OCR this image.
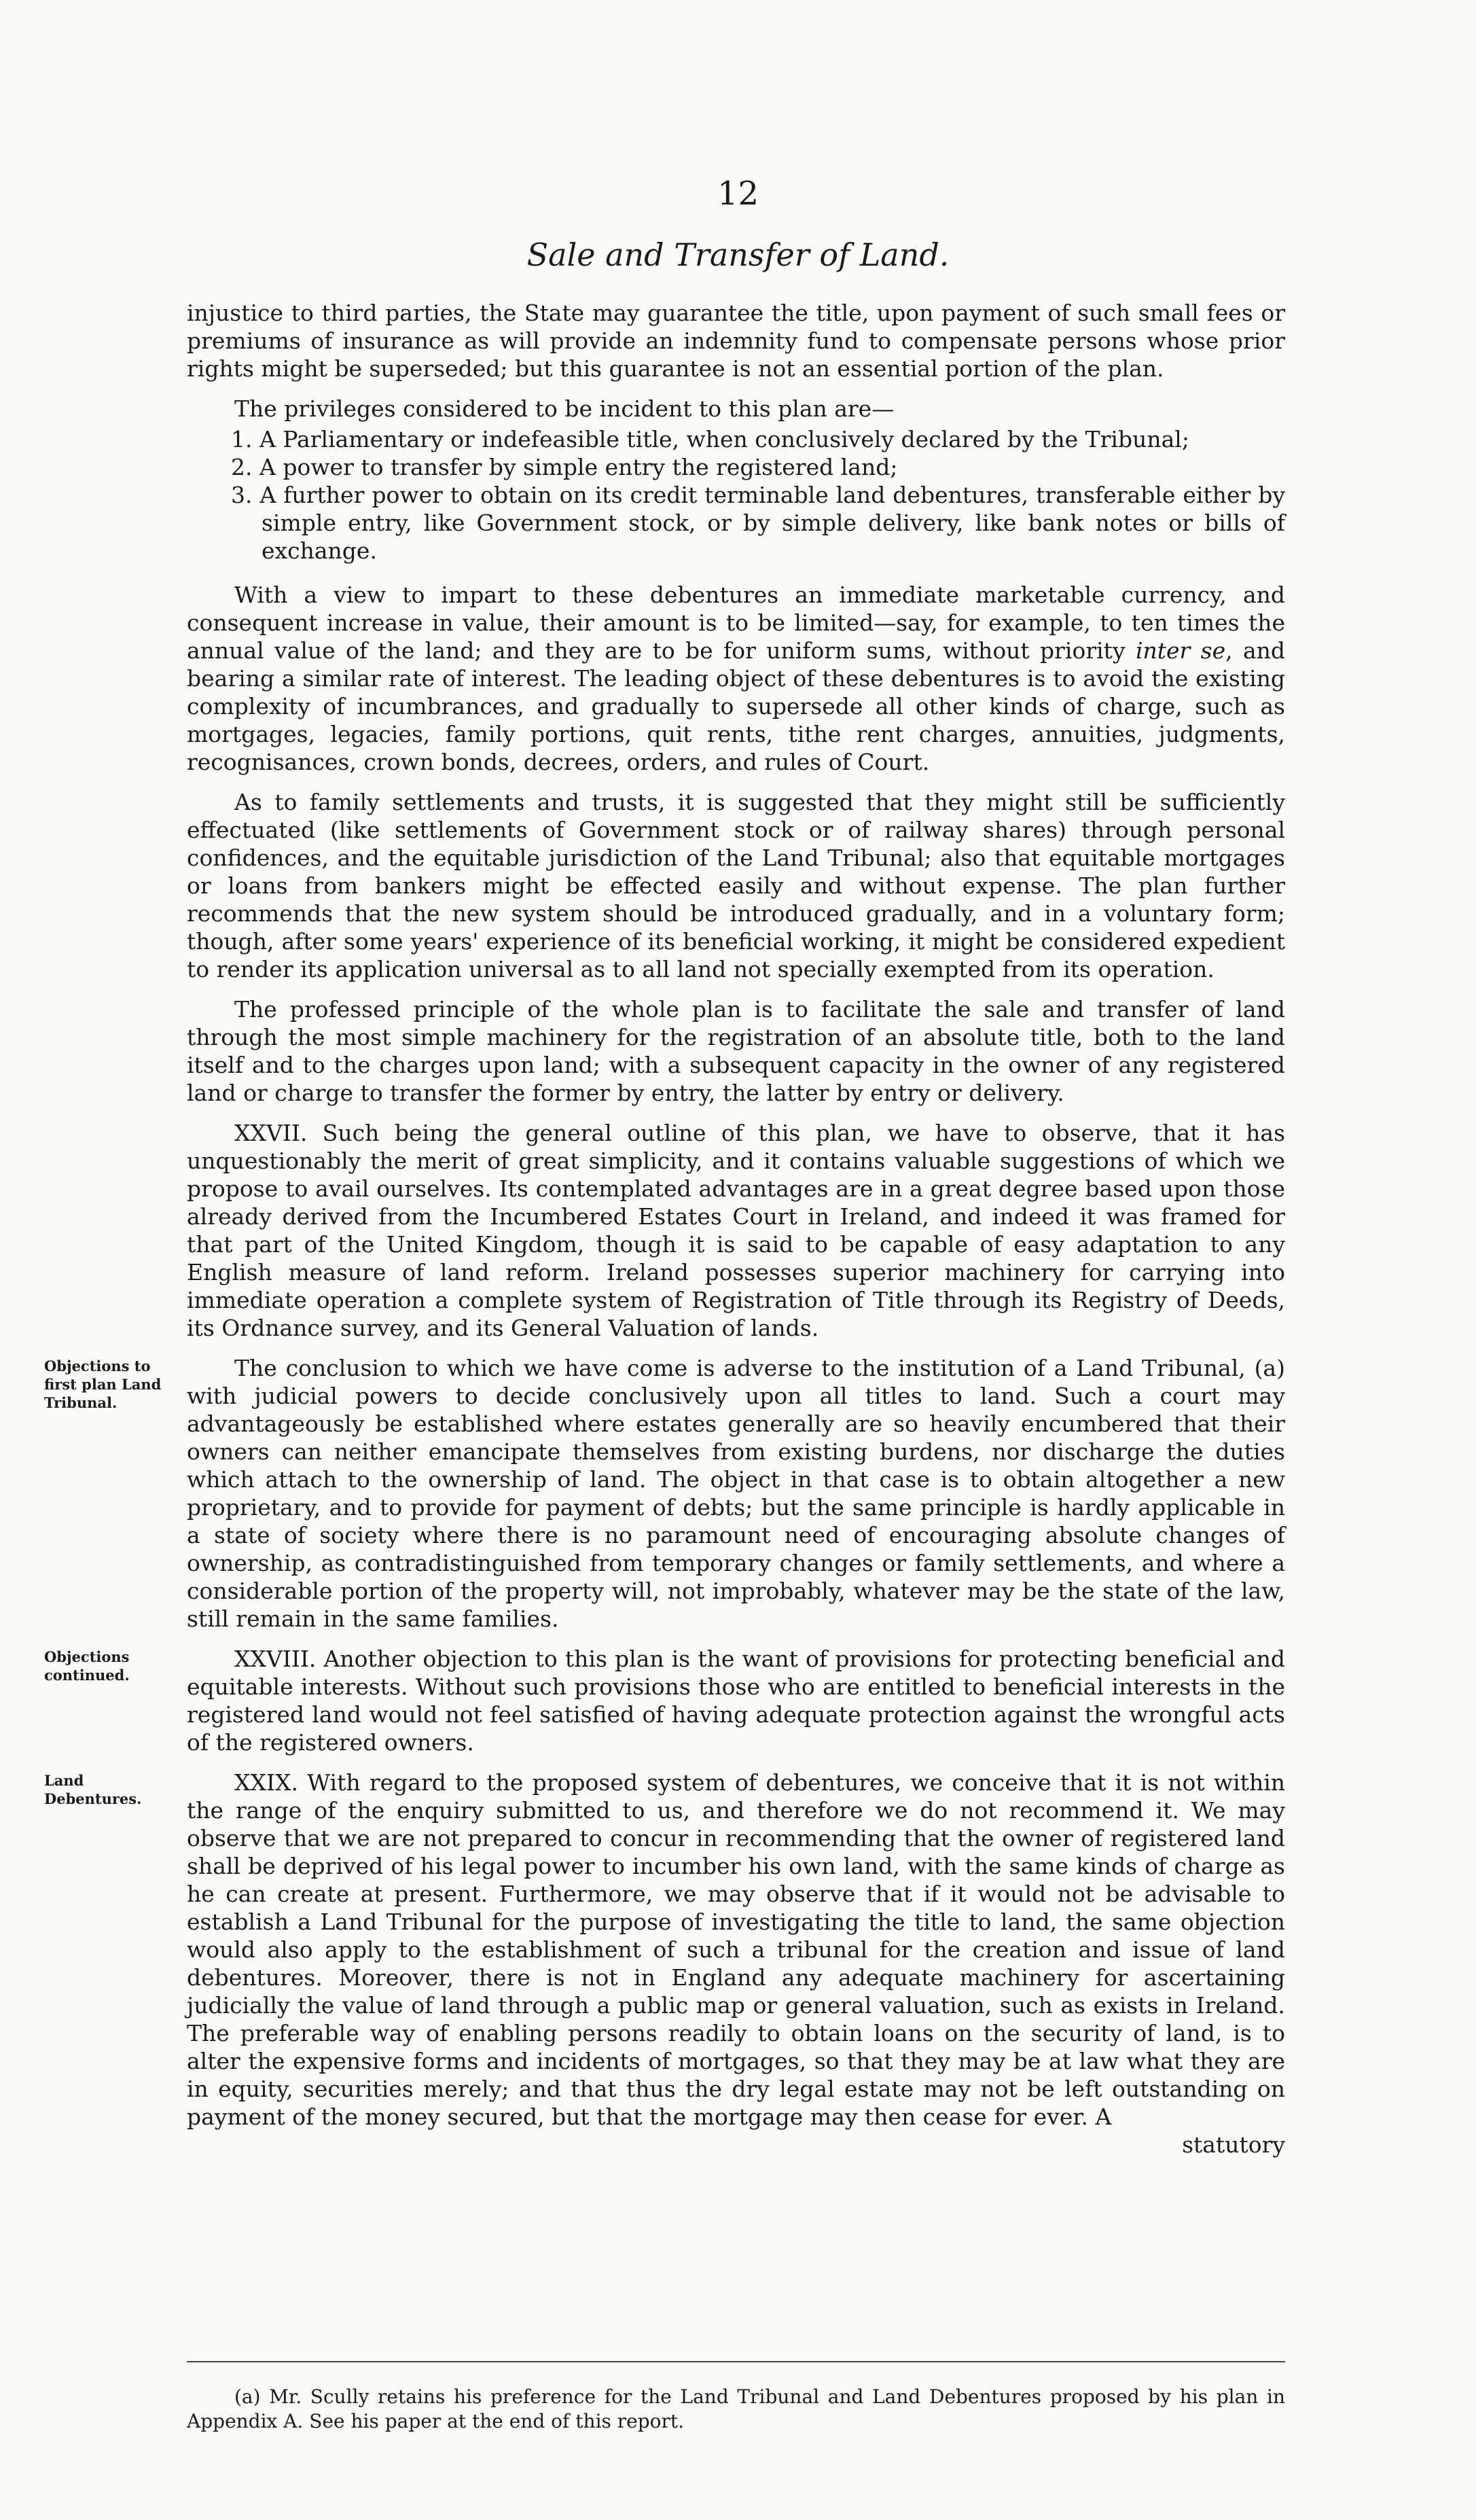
12
Sale and Transfer of Land.

injustice to third parties, the State may guarantee the title, upon payment of such small fees or premiums of insurance as will provide an indemnity fund to compensate persons whose prior rights might be superseded; but this guarantee is not an essential portion of the plan.

The privileges considered to be incident to this plan are—

1. A Parliamentary or indefeasible title, when conclusively declared by the Tribunal;
2. A power to transfer by simple entry the registered land;
3. A further power to obtain on its credit terminable land debentures, transferable either by simple entry, like Government stock, or by simple delivery, like bank notes or bills of exchange.

With a view to impart to these debentures an immediate marketable currency, and consequent increase in value, their amount is to be limited—say, for example, to ten times the annual value of the land; and they are to be for uniform sums, without priority inter se, and bearing a similar rate of interest. The leading object of these debentures is to avoid the existing complexity of incumbrances, and gradually to supersede all other kinds of charge, such as mortgages, legacies, family portions, quit rents, tithe rent charges, annuities, judgments, recognisances, crown bonds, decrees, orders, and rules of Court.

As to family settlements and trusts, it is suggested that they might still be sufficiently effectuated (like settlements of Government stock or of railway shares) through personal confidences, and the equitable jurisdiction of the Land Tribunal; also that equitable mortgages or loans from bankers might be effected easily and without expense. The plan further recommends that the new system should be introduced gradually, and in a voluntary form; though, after some years' experience of its beneficial working, it might be considered expedient to render its application universal as to all land not specially exempted from its operation.

The professed principle of the whole plan is to facilitate the sale and transfer of land through the most simple machinery for the registration of an absolute title, both to the land itself and to the charges upon land; with a subsequent capacity in the owner of any registered land or charge to transfer the former by entry, the latter by entry or delivery.

XXVII. Such being the general outline of this plan, we have to observe, that it has unquestionably the merit of great simplicity, and it contains valuable suggestions of which we propose to avail ourselves. Its contemplated advantages are in a great degree based upon those already derived from the Incumbered Estates Court in Ireland, and indeed it was framed for that part of the United Kingdom, though it is said to be capable of easy adaptation to any English measure of land reform. Ireland possesses superior machinery for carrying into immediate operation a complete system of Registration of Title through its Registry of Deeds, its Ordnance survey, and its General Valuation of lands.

Objections to first plan Land Tribunal.

The conclusion to which we have come is adverse to the institution of a Land Tribunal, (a) with judicial powers to decide conclusively upon all titles to land. Such a court may advantageously be established where estates generally are so heavily encumbered that their owners can neither emancipate themselves from existing burdens, nor discharge the duties which attach to the ownership of land. The object in that case is to obtain altogether a new proprietary, and to provide for payment of debts; but the same principle is hardly applicable in a state of society where there is no paramount need of encouraging absolute changes of ownership, as contradistinguished from temporary changes or family settlements, and where a considerable portion of the property will, not improbably, whatever may be the state of the law, still remain in the same families.

Objections continued.

XXVIII. Another objection to this plan is the want of provisions for protecting beneficial and equitable interests. Without such provisions those who are entitled to beneficial interests in the registered land would not feel satisfied of having adequate protection against the wrongful acts of the registered owners.

Land Debentures.

XXIX. With regard to the proposed system of debentures, we conceive that it is not within the range of the enquiry submitted to us, and therefore we do not recommend it. We may observe that we are not prepared to concur in recommending that the owner of registered land shall be deprived of his legal power to incumber his own land, with the same kinds of charge as he can create at present. Furthermore, we may observe that if it would not be advisable to establish a Land Tribunal for the purpose of investigating the title to land, the same objection would also apply to the establishment of such a tribunal for the creation and issue of land debentures. Moreover, there is not in England any adequate machinery for ascertaining judicially the value of land through a public map or general valuation, such as exists in Ireland. The preferable way of enabling persons readily to obtain loans on the security of land, is to alter the expensive forms and incidents of mortgages, so that they may be at law what they are in equity, securities merely; and that thus the dry legal estate may not be left outstanding on payment of the money secured, but that the mortgage may then cease for ever. A

statutory
(a) Mr. Scully retains his preference for the Land Tribunal and Land Debentures proposed by his plan in Appendix A. See his paper at the end of this report.
